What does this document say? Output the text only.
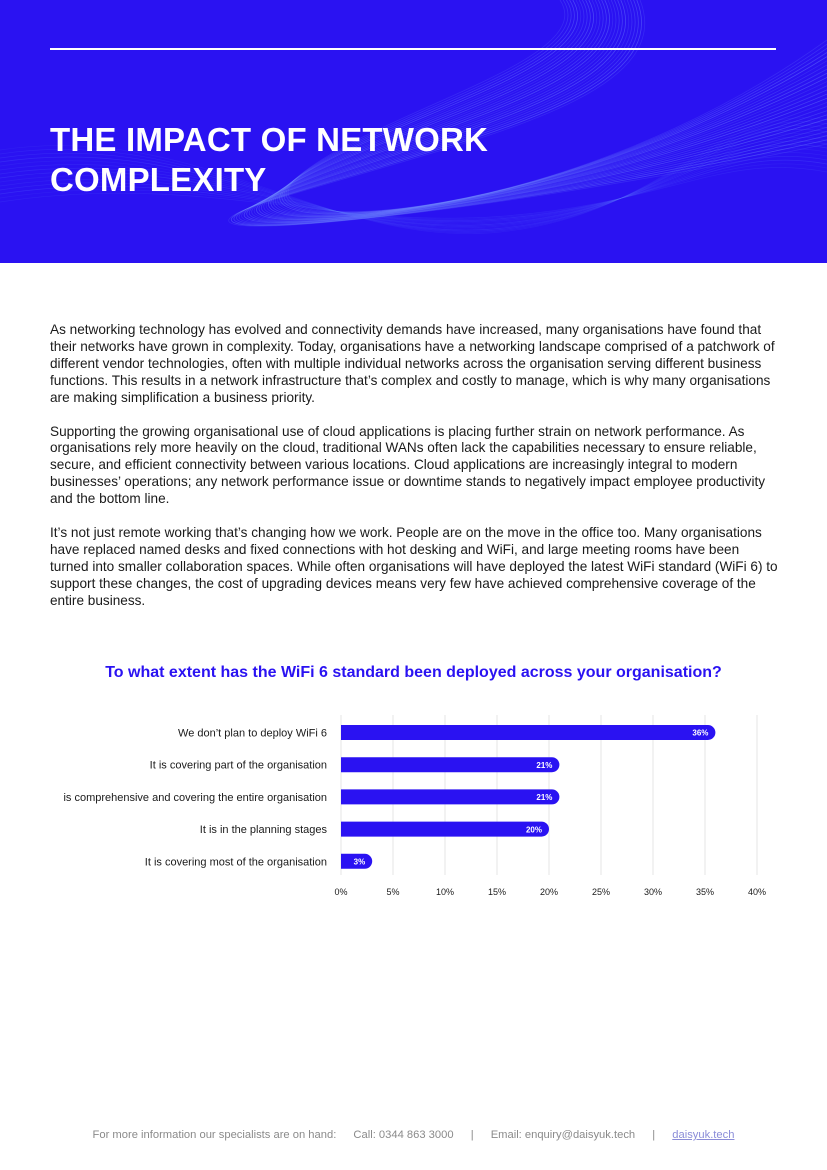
THE IMPACT OF NETWORK
COMPLEXITY

As networking technology has evolved and connectivity demands have increased, many organisations have found that their networks have grown in complexity. Today, organisations have a networking landscape comprised of a patchwork of different vendor technologies, often with multiple individual networks across the organisation serving different business functions. This results in a network infrastructure that’s complex and costly to manage, which is why many organisations are making simplification a business priority.

Supporting the growing organisational use of cloud applications is placing further strain on network performance. As organisations rely more heavily on the cloud, traditional WANs often lack the capabilities necessary to ensure reliable, secure, and efficient connectivity between various locations. Cloud applications are increasingly integral to modern businesses’ operations; any network performance issue or downtime stands to negatively impact employee productivity and the bottom line.

It’s not just remote working that’s changing how we work. People are on the move in the office too. Many organisations have replaced named desks and fixed connections with hot desking and WiFi, and large meeting rooms have been turned into smaller collaboration spaces. While often organisations will have deployed the latest WiFi standard (WiFi 6) to support these changes, the cost of upgrading devices means very few have achieved comprehensive coverage of the entire business.

To what extent has the WiFi 6 standard been deployed across your organisation?
0%	5%	10%	15%	20%	25%	30%	35%	40%
We don’t plan to deploy WiFi 6	36%
It is covering part of the organisation	21%
is comprehensive and covering the entire organisation	21%
It is in the planning stages	20%
It is covering most of the organisation	3%
For more information our specialists are on hand: Call: 0344 863 3000 | Email: enquiry@daisyuk.tech | daisyuk.tech
